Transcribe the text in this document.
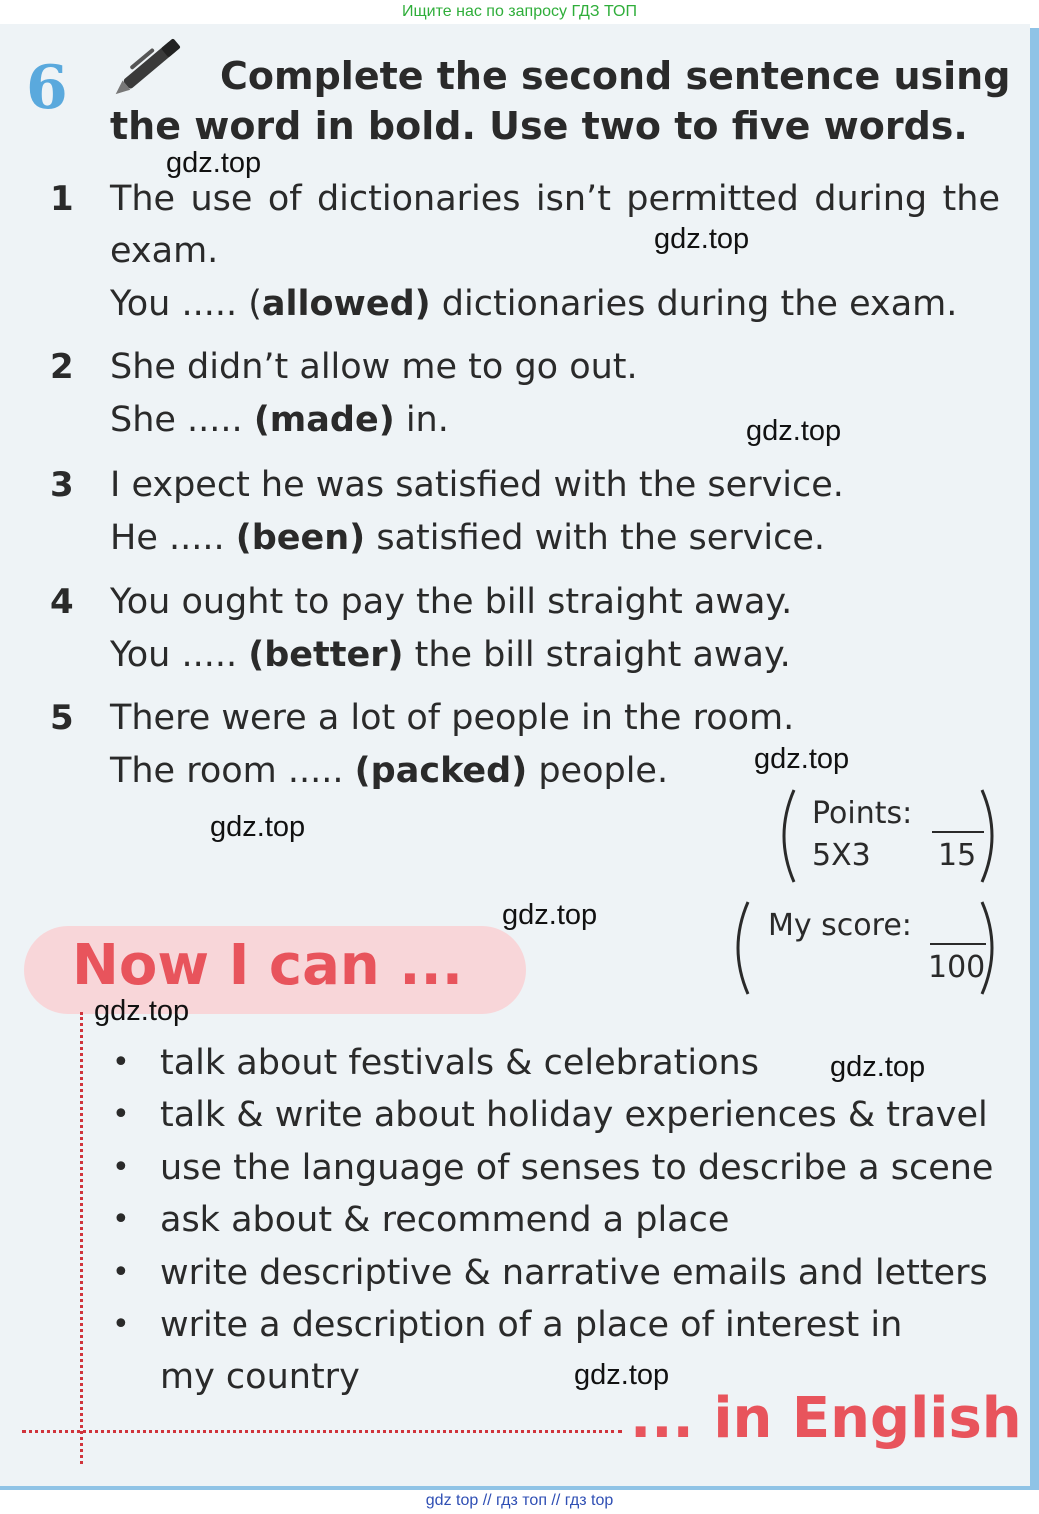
Ищите нас по запросу ГДЗ ТОП
6	Complete the second sentence using
the word in bold. Use two to five words.
1 The use of dictionaries isn’t permitted during the
exam.
You ..... (allowed) dictionaries during the exam.
2 She didn’t allow me to go out.
She ..... (made) in.
3 I expect he was satisfied with the service.
He ..... (been) satisfied with the service.
4 You ought to pay the bill straight away.
You ..... (better) the bill straight away.
5 There were a lot of people in the room.
The room ..... (packed) people.
Points:
5X3 15
My score:
100
Now I can ...
• talk about festivals & celebrations
• talk & write about holiday experiences & travel
• use the language of senses to describe a scene
• ask about & recommend a place
• write descriptive & narrative emails and letters
• write a description of a place of interest in
my country
... in English
gdz.top
gdz.top
gdz.top
gdz.top
gdz.top
gdz.top
gdz.top
gdz.top
gdz.top
gdz top // гдз топ // гдз top
